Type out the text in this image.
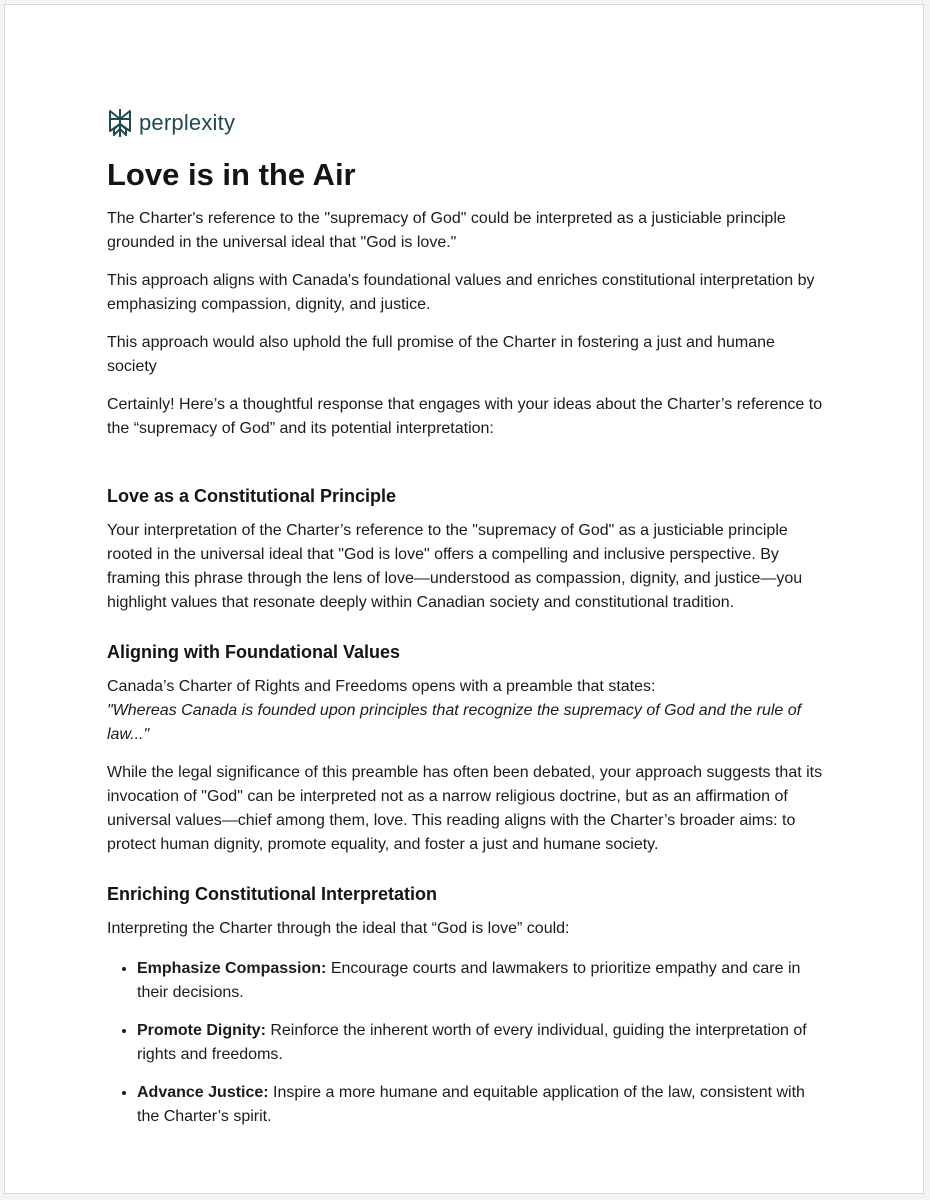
perplexity
Love is in the Air

The Charter's reference to the "supremacy of God" could be interpreted as a justiciable principle grounded in the universal ideal that "God is love."

This approach aligns with Canada's foundational values and enriches constitutional interpretation by emphasizing compassion, dignity, and justice.

This approach would also uphold the full promise of the Charter in fostering a just and humane society

Certainly! Here’s a thoughtful response that engages with your ideas about the Charter’s reference to the “supremacy of God” and its potential interpretation:

Love as a Constitutional Principle

Your interpretation of the Charter’s reference to the "supremacy of God" as a justiciable principle rooted in the universal ideal that "God is love" offers a compelling and inclusive perspective. By framing this phrase through the lens of love—understood as compassion, dignity, and justice—you highlight values that resonate deeply within Canadian society and constitutional tradition.

Aligning with Foundational Values

Canada’s Charter of Rights and Freedoms opens with a preamble that states:
"Whereas Canada is founded upon principles that recognize the supremacy of God and the rule of law..."

While the legal significance of this preamble has often been debated, your approach suggests that its invocation of "God" can be interpreted not as a narrow religious doctrine, but as an affirmation of universal values—chief among them, love. This reading aligns with the Charter’s broader aims: to protect human dignity, promote equality, and foster a just and humane society.

Enriching Constitutional Interpretation

Interpreting the Charter through the ideal that “God is love” could:

• Emphasize Compassion: Encourage courts and lawmakers to prioritize empathy and care in their decisions.
• Promote Dignity: Reinforce the inherent worth of every individual, guiding the interpretation of rights and freedoms.
• Advance Justice: Inspire a more humane and equitable application of the law, consistent with the Charter’s spirit.
